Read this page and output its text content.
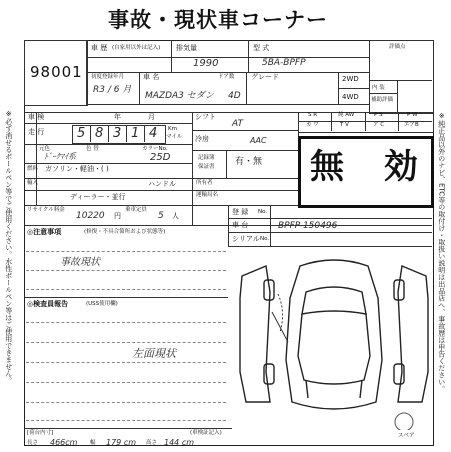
事故・現状車コーナー
※必ず消せるボールペン等でご使用ください。水性ボールペン等はご使用できません。	※純正品以外のナビ、ETC等の取付け・取扱い説明は出品店へ、事故歴は申告ください。
98001
車 歴 (自家用以外は記入) 排気量	型 式
1990	5BA-BPFP
初度登録年月	車 名	ドア数 グレード
R3 / 6 月
MAZDA3 セダン 4D
2WD
4WD
評価点
内 装
補助評価
車 検	年	月
走 行	5 8 3 1 4 Km
マイル
元色	色 替
ﾄﾞｰｸﾏｲ系
カラーNo.
25D
燃料 ガソリン・軽油・( )
輸入	ハンドル
ディーラー・並行
リサイクル料金
10220 円
乗車定員
5 人
シフト
AT
冷房	AAC
記録簿
保証書 有・無
所有者
運輸局名
S R	純 AW	P S	P W
カ ワ	T V	ア C	エアB
無 効
登 録 No.
車 台	BPFP-150496
シリアル No.
◎注意事項	(修復・不具合箇所および状態等)
事故現状
◎検査員報告	(USS使用欄)
左面現状
スペア
[荷台内寸]	(車検証記入)
長さ 466cm 幅 179 cm 高さ 144 cm
